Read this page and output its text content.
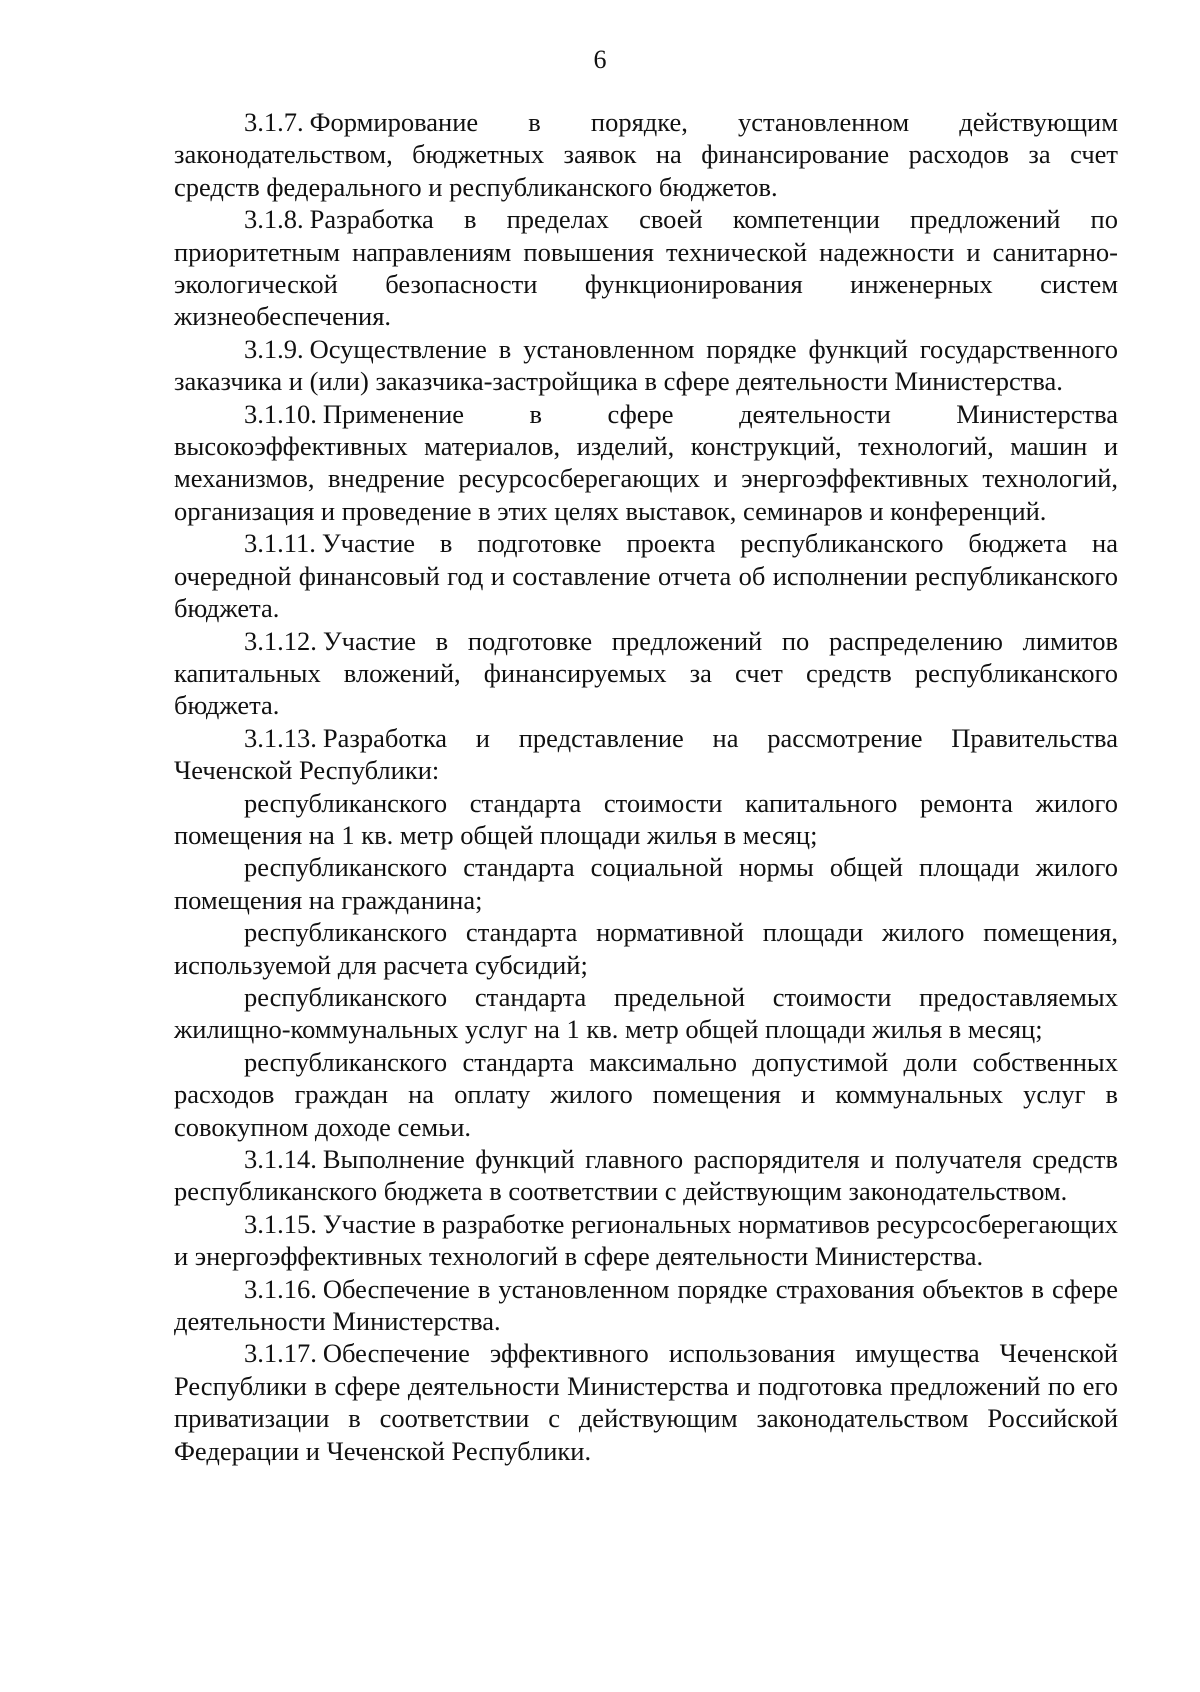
6

3.1.7. Формирование в порядке, установленном действующим законодательством, бюджетных заявок на финансирование расходов за счет средств федерального и республиканского бюджетов.

3.1.8. Разработка в пределах своей компетенции предложений по приоритетным направлениям повышения технической надежности и санитарно-экологической безопасности функционирования инженерных систем жизнеобеспечения.

3.1.9. Осуществление в установленном порядке функций государственного заказчика и (или) заказчика-застройщика в сфере деятельности Министерства.

3.1.10. Применение в сфере деятельности Министерства высокоэффективных материалов, изделий, конструкций, технологий, машин и механизмов, внедрение ресурсосберегающих и энергоэффективных технологий, организация и проведение в этих целях выставок, семинаров и конференций.

3.1.11. Участие в подготовке проекта республиканского бюджета на очередной финансовый год и составление отчета об исполнении республиканского бюджета.

3.1.12. Участие в подготовке предложений по распределению лимитов капитальных вложений, финансируемых за счет средств республиканского бюджета.

3.1.13. Разработка и представление на рассмотрение Правительства Чеченской Республики:

республиканского стандарта стоимости капитального ремонта жилого помещения на 1 кв. метр общей площади жилья в месяц;

республиканского стандарта социальной нормы общей площади жилого помещения на гражданина;

республиканского стандарта нормативной площади жилого помещения, используемой для расчета субсидий;

республиканского стандарта предельной стоимости предоставляемых жилищно-коммунальных услуг на 1 кв. метр общей площади жилья в месяц;

республиканского стандарта максимально допустимой доли собственных расходов граждан на оплату жилого помещения и коммунальных услуг в совокупном доходе семьи.

3.1.14. Выполнение функций главного распорядителя и получателя средств республиканского бюджета в соответствии с действующим законодательством.

3.1.15. Участие в разработке региональных нормативов ресурсосберегающих и энергоэффективных технологий в сфере деятельности Министерства.

3.1.16. Обеспечение в установленном порядке страхования объектов в сфере деятельности Министерства.

3.1.17. Обеспечение эффективного использования имущества Чеченской Республики в сфере деятельности Министерства и подготовка предложений по его приватизации в соответствии с действующим законодательством Российской Федерации и Чеченской Республики.
